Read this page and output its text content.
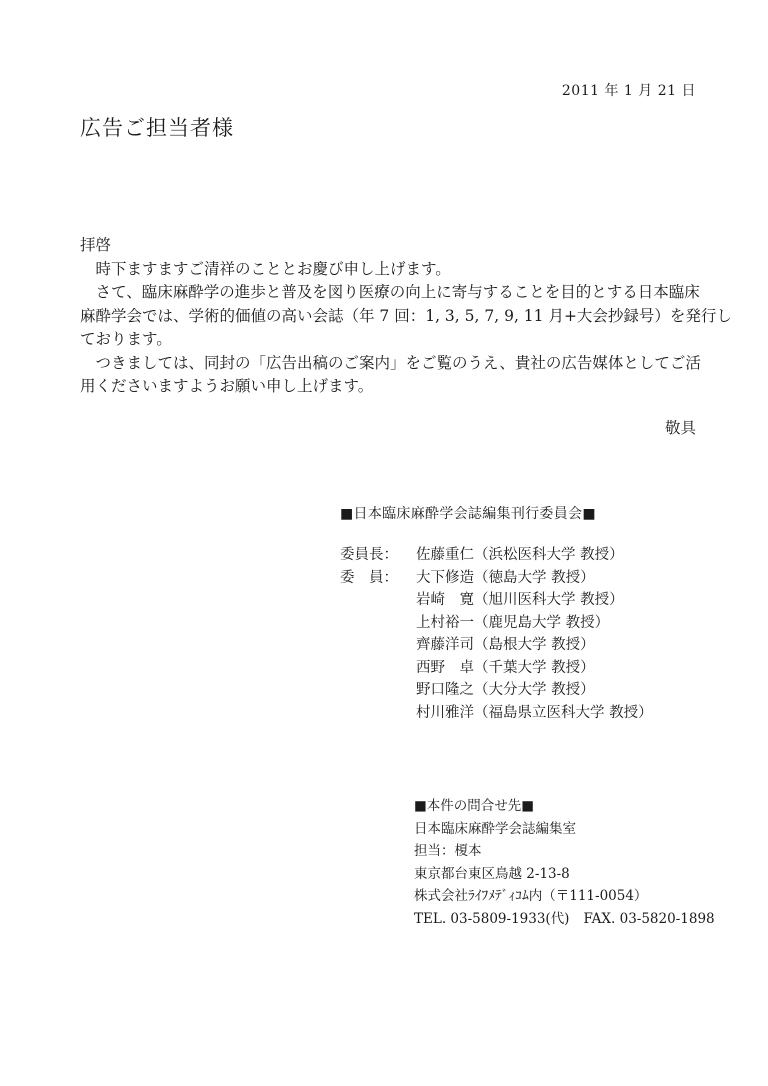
2011 年 1 月 21 日
広告ご担当者様

拝啓

　時下ますますご清祥のこととお慶び申し上げます。

　さて、臨床麻酔学の進歩と普及を図り医療の向上に寄与することを目的とする日本臨床

麻酔学会では、学術的価値の高い会誌（年 7 回：1, 3, 5, 7, 9, 11 月+大会抄録号）を発行し

ております。

　つきましては、同封の「広告出稿のご案内」をご覧のうえ、貴社の広告媒体としてご活

用くださいますようお願い申し上げます。

敬具
■日本臨床麻酔学会誌編集刊行委員会■
委員長：	佐藤重仁（浜松医科大学 教授）
委　員：	大下修造（徳島大学 教授）
岩崎　寛（旭川医科大学 教授）
上村裕一（鹿児島大学 教授）
齊藤洋司（島根大学 教授）
西野　卓（千葉大学 教授）
野口隆之（大分大学 教授）
村川雅洋（福島県立医科大学 教授）
■本件の問合せ先■
日本臨床麻酔学会誌編集室
担当：榎本
東京都台東区鳥越 2-13-8
株式会社ﾗｲﾌﾒﾃﾞｨｺﾑ内（〒111-0054）
TEL. 03-5809-1933(代) FAX. 03-5820-1898
